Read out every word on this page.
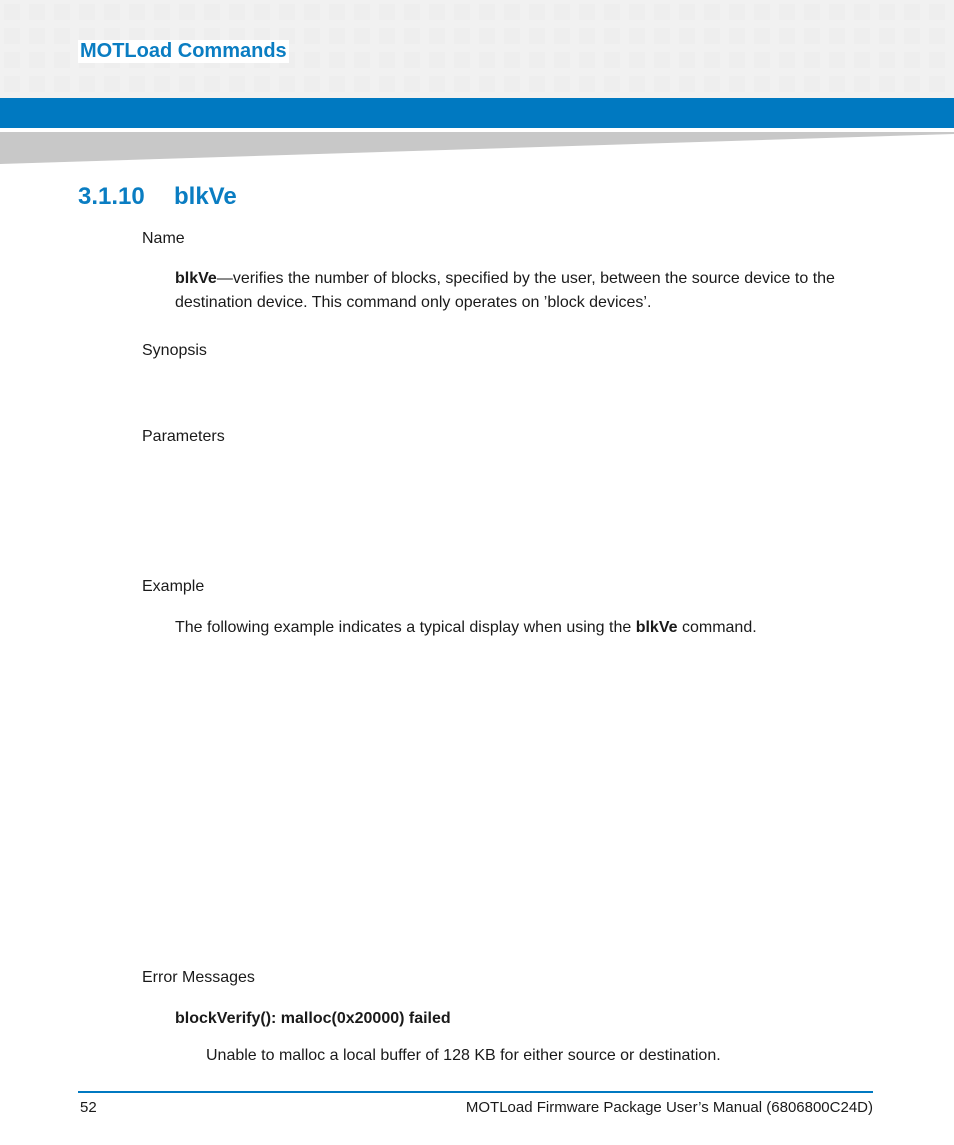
MOTLoad Commands
3.1.10 blkVe

Name

blkVe—verifies the number of blocks, specified by the user, between the source device to the
destination device. This command only operates on ’block devices’.

Synopsis

Parameters

Example

The following example indicates a typical display when using the blkVe command.

Error Messages

blockVerify(): malloc(0x20000) failed

Unable to malloc a local buffer of 128 KB for either source or destination.

52	MOTLoad Firmware Package User’s Manual (6806800C24D)
